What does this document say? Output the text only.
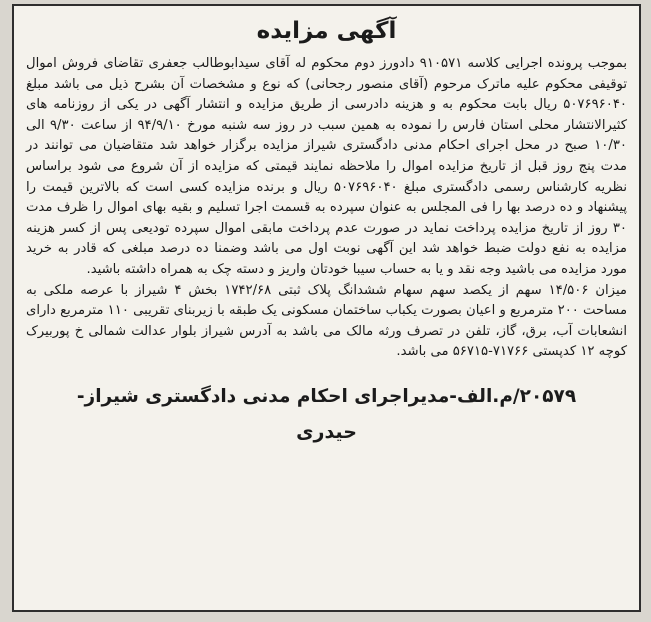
آگهی مزایده

بموجب پرونده اجرایی کلاسه ۹۱۰۵۷۱ دادورز دوم محکوم له آقای سیدابوطالب جعفری تقاضای فروش اموال توقیفی محکوم علیه ماترک مرحوم (آقای منصور رجحانی) که نوع و مشخصات آن بشرح ذیل می باشد مبلغ ۵۰۷۶۹۶۰۴۰ ریال بابت محکوم به و هزینه دادرسی از طریق مزایده و انتشار آگهی در یکی از روزنامه های کثیرالانتشار محلی استان فارس را نموده به همین سبب در روز سه شنبه مورخ ۹۴/۹/۱۰ از ساعت ۹/۳۰ الی ۱۰/۳۰ صبح در محل اجرای احکام مدنی دادگستری شیراز مزایده برگزار خواهد شد متقاضیان می توانند در مدت پنج روز قبل از تاریخ مزایده اموال را ملاحظه نمایند قیمتی که مزایده از آن شروع می شود براساس نظریه کارشناس رسمی دادگستری مبلغ ۵۰۷۶۹۶۰۴۰ ریال و برنده مزایده کسی است که بالاترین قیمت را پیشنهاد و ده درصد بها را فی المجلس به عنوان سپرده به قسمت اجرا تسلیم و بقیه بهای اموال را ظرف مدت ۳۰ روز از تاریخ مزایده پرداخت نماید در صورت عدم پرداخت مابقی اموال سپرده تودیعی پس از کسر هزینه مزایده به نفع دولت ضبط خواهد شد این آگهی نوبت اول می باشد وضمنا ده درصد مبلغی که قادر به خرید مورد مزایده می باشید وجه نقد و یا به حساب سیبا خودتان واریز و دسته چک به همراه داشته باشید.

میزان ۱۴/۵۰۶ سهم از یکصد سهم سهام ششدانگ پلاک ثبتی ۱۷۴۲/۶۸ بخش ۴ شیراز با عرصه ملکی به مساحت ۲۰۰ مترمربع و اعیان بصورت یکباب ساختمان مسکونی یک طبقه با زیربنای تقریبی ۱۱۰ مترمربع دارای انشعابات آب، برق، گاز، تلفن در تصرف ورثه مالک می باشد به آدرس شیراز بلوار عدالت شمالی خ پوربیرک کوچه ۱۲ کدپستی ۷۱۷۶۶-۵۶۷۱۵ می باشد.

۲۰۵۷۹/م.الف-مدیراجرای احکام مدنی دادگستری شیراز-
حیدری
